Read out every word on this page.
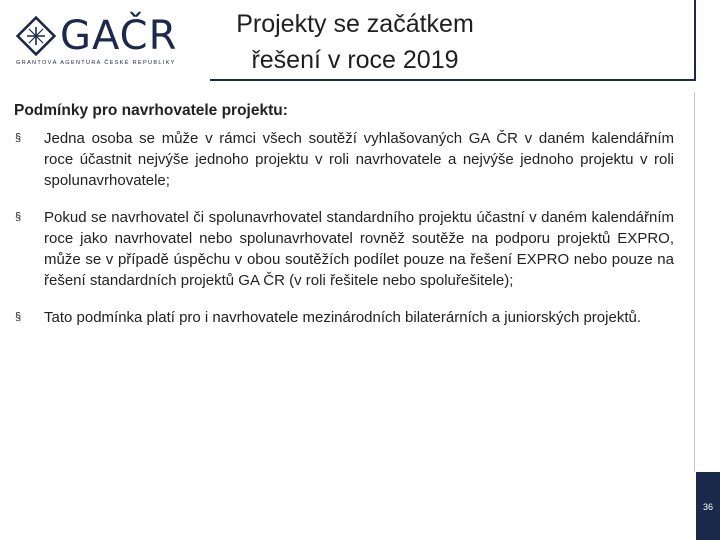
GAČR
GRANTOVÁ AGENTURA ČESKÉ REPUBLIKY
Projekty se začátkem řešení v roce 2019
Podmínky pro navrhovatele projektu:
§ Jedna osoba se může v rámci všech soutěží vyhlašovaných GA ČR v daném kalendářním roce účastnit nejvýše jednoho projektu v roli navrhovatele a nejvýše jednoho projektu v roli spolunavrhovatele;
§ Pokud se navrhovatel či spolunavrhovatel standardního projektu účastní v daném kalendářním roce jako navrhovatel nebo spolunavrhovatel rovněž soutěže na podporu projektů EXPRO, může se v případě úspěchu v obou soutěžích podílet pouze na řešení EXPRO nebo pouze na řešení standardních projektů GA ČR (v roli řešitele nebo spoluřešitele);
§ Tato podmínka platí pro i navrhovatele mezinárodních bilaterárních a juniorských projektů.
36
